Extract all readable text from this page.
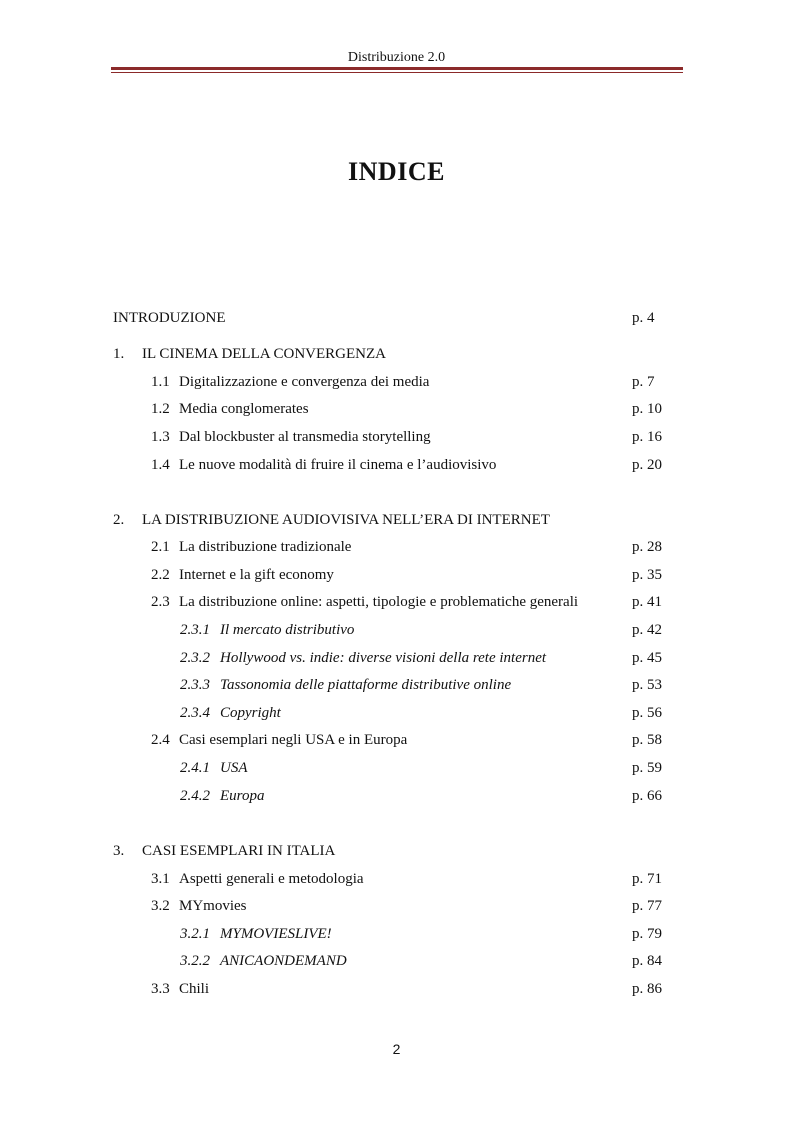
Distribuzione 2.0
INDICE
INTRODUZIONE	p. 4
1. IL CINEMA DELLA CONVERGENZA
1.1 Digitalizzazione e convergenza dei media	p. 7
1.2 Media conglomerates	p. 10
1.3 Dal blockbuster al transmedia storytelling	p. 16
1.4 Le nuove modalità di fruire il cinema e l’audiovisivo	p. 20
2. LA DISTRIBUZIONE AUDIOVISIVA NELL’ERA DI INTERNET
2.1 La distribuzione tradizionale	p. 28
2.2 Internet e la gift economy	p. 35
2.3 La distribuzione online: aspetti, tipologie e problematiche generali	p. 41
2.3.1 Il mercato distributivo	p. 42
2.3.2 Hollywood vs. indie: diverse visioni della rete internet	p. 45
2.3.3 Tassonomia delle piattaforme distributive online	p. 53
2.3.4 Copyright	p. 56
2.4 Casi esemplari negli USA e in Europa	p. 58
2.4.1 USA	p. 59
2.4.2 Europa	p. 66
3. CASI ESEMPLARI IN ITALIA
3.1 Aspetti generali e metodologia	p. 71
3.2 MYmovies	p. 77
3.2.1 MYMOVIESLIVE!	p. 79
3.2.2 ANICAONDEMAND	p. 84
3.3 Chili	p. 86
2
